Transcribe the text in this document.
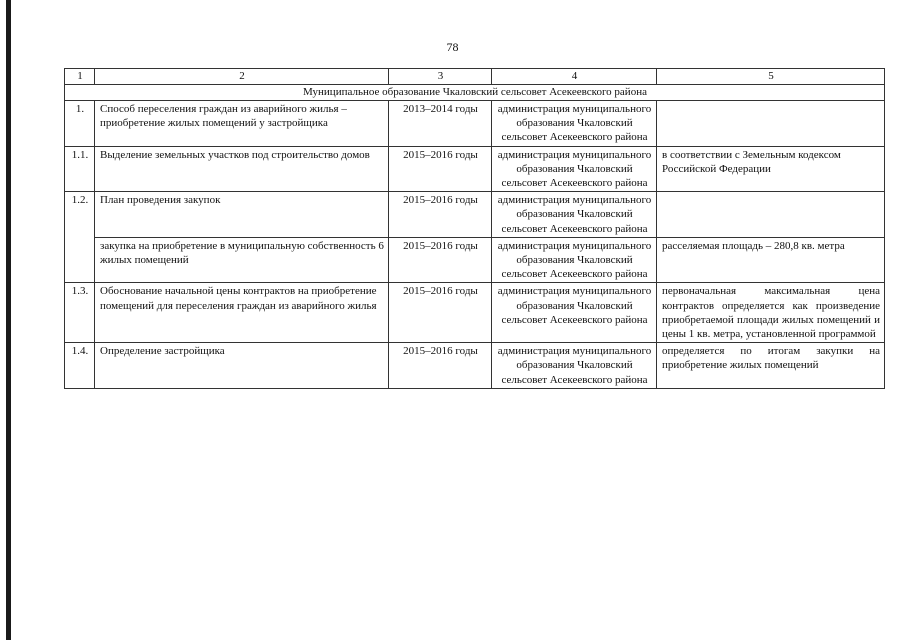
78
1	2	3	4	5
Муниципальное образование Чкаловский сельсовет Асекеевского района				
1.	Способ переселения граждан из аварийного жилья – приобретение жилых помещений у застройщика	2013–2014 годы	администрация муниципального образования Чкаловский сельсовет Асекеевского района	
1.1.	Выделение земельных участков под строительство домов	2015–2016 годы	администрация муниципального образования Чкаловский сельсовет Асекеевского района	в соответствии с Земельным кодексом Российской Федерации
1.2.	План проведения закупок	2015–2016 годы	администрация муниципального образования Чкаловский сельсовет Асекеевского района	
	закупка на приобретение в муниципальную собственность 6 жилых помещений	2015–2016 годы	администрация муниципального образования Чкаловский сельсовет Асекеевского района	расселяемая площадь – 280,8 кв. метра
1.3.	Обоснование начальной цены контрактов на приобретение помещений для переселения граждан из аварийного жилья	2015–2016 годы	администрация муниципального образования Чкаловский сельсовет Асекеевского района	первоначальная максимальная цена контрактов определяется как произведение приобретаемой площади жилых помещений и цены 1 кв. метра, установленной программой
1.4.	Определение застройщика	2015–2016 годы	администрация муниципального образования Чкаловский сельсовет Асекеевского района	определяется по итогам закупки на приобретение жилых помещений
